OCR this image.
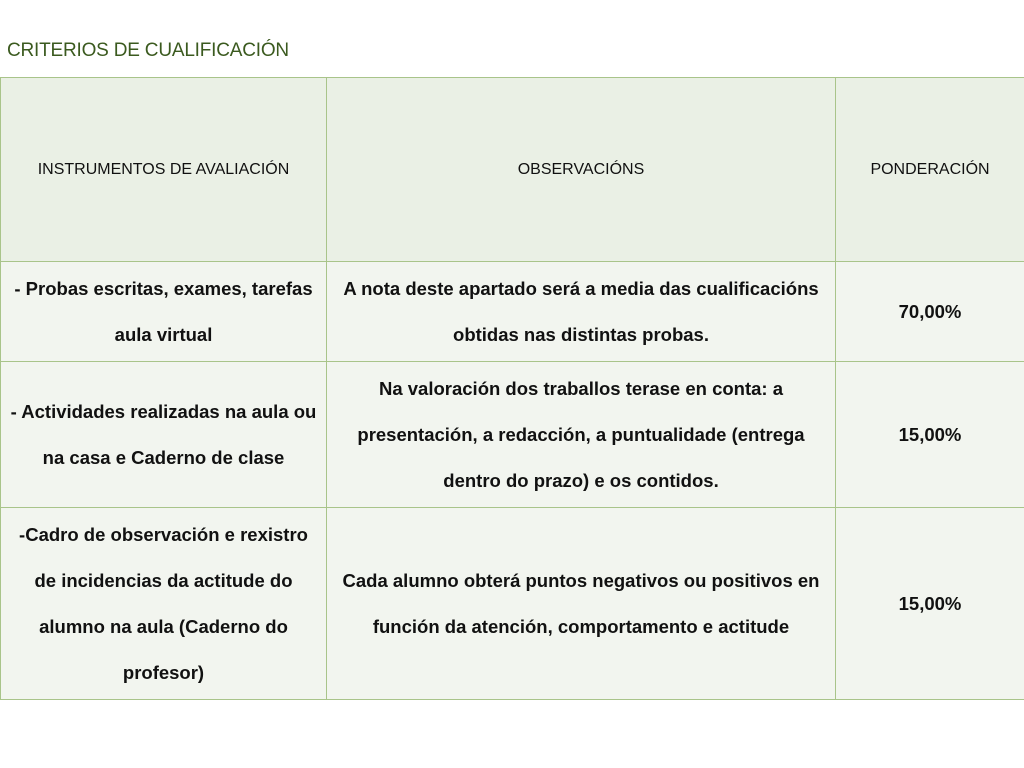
CRITERIOS DE CUALIFICACIÓN
INSTRUMENTOS DE AVALIACIÓN	OBSERVACIÓNS	PONDERACIÓN
- Probas escritas, exames, tarefas aula virtual	A nota deste apartado será a media das cualificacións obtidas nas distintas probas.	70,00%
- Actividades realizadas na aula ou na casa e Caderno de clase	Na valoración dos traballos terase en conta: a presentación, a redacción, a puntualidade (entrega dentro do prazo) e os contidos.	15,00%
-Cadro de observación e rexistro de incidencias da actitude do alumno na aula (Caderno do profesor)	Cada alumno obterá puntos negativos ou positivos en función da atención, comportamento e actitude	15,00%
